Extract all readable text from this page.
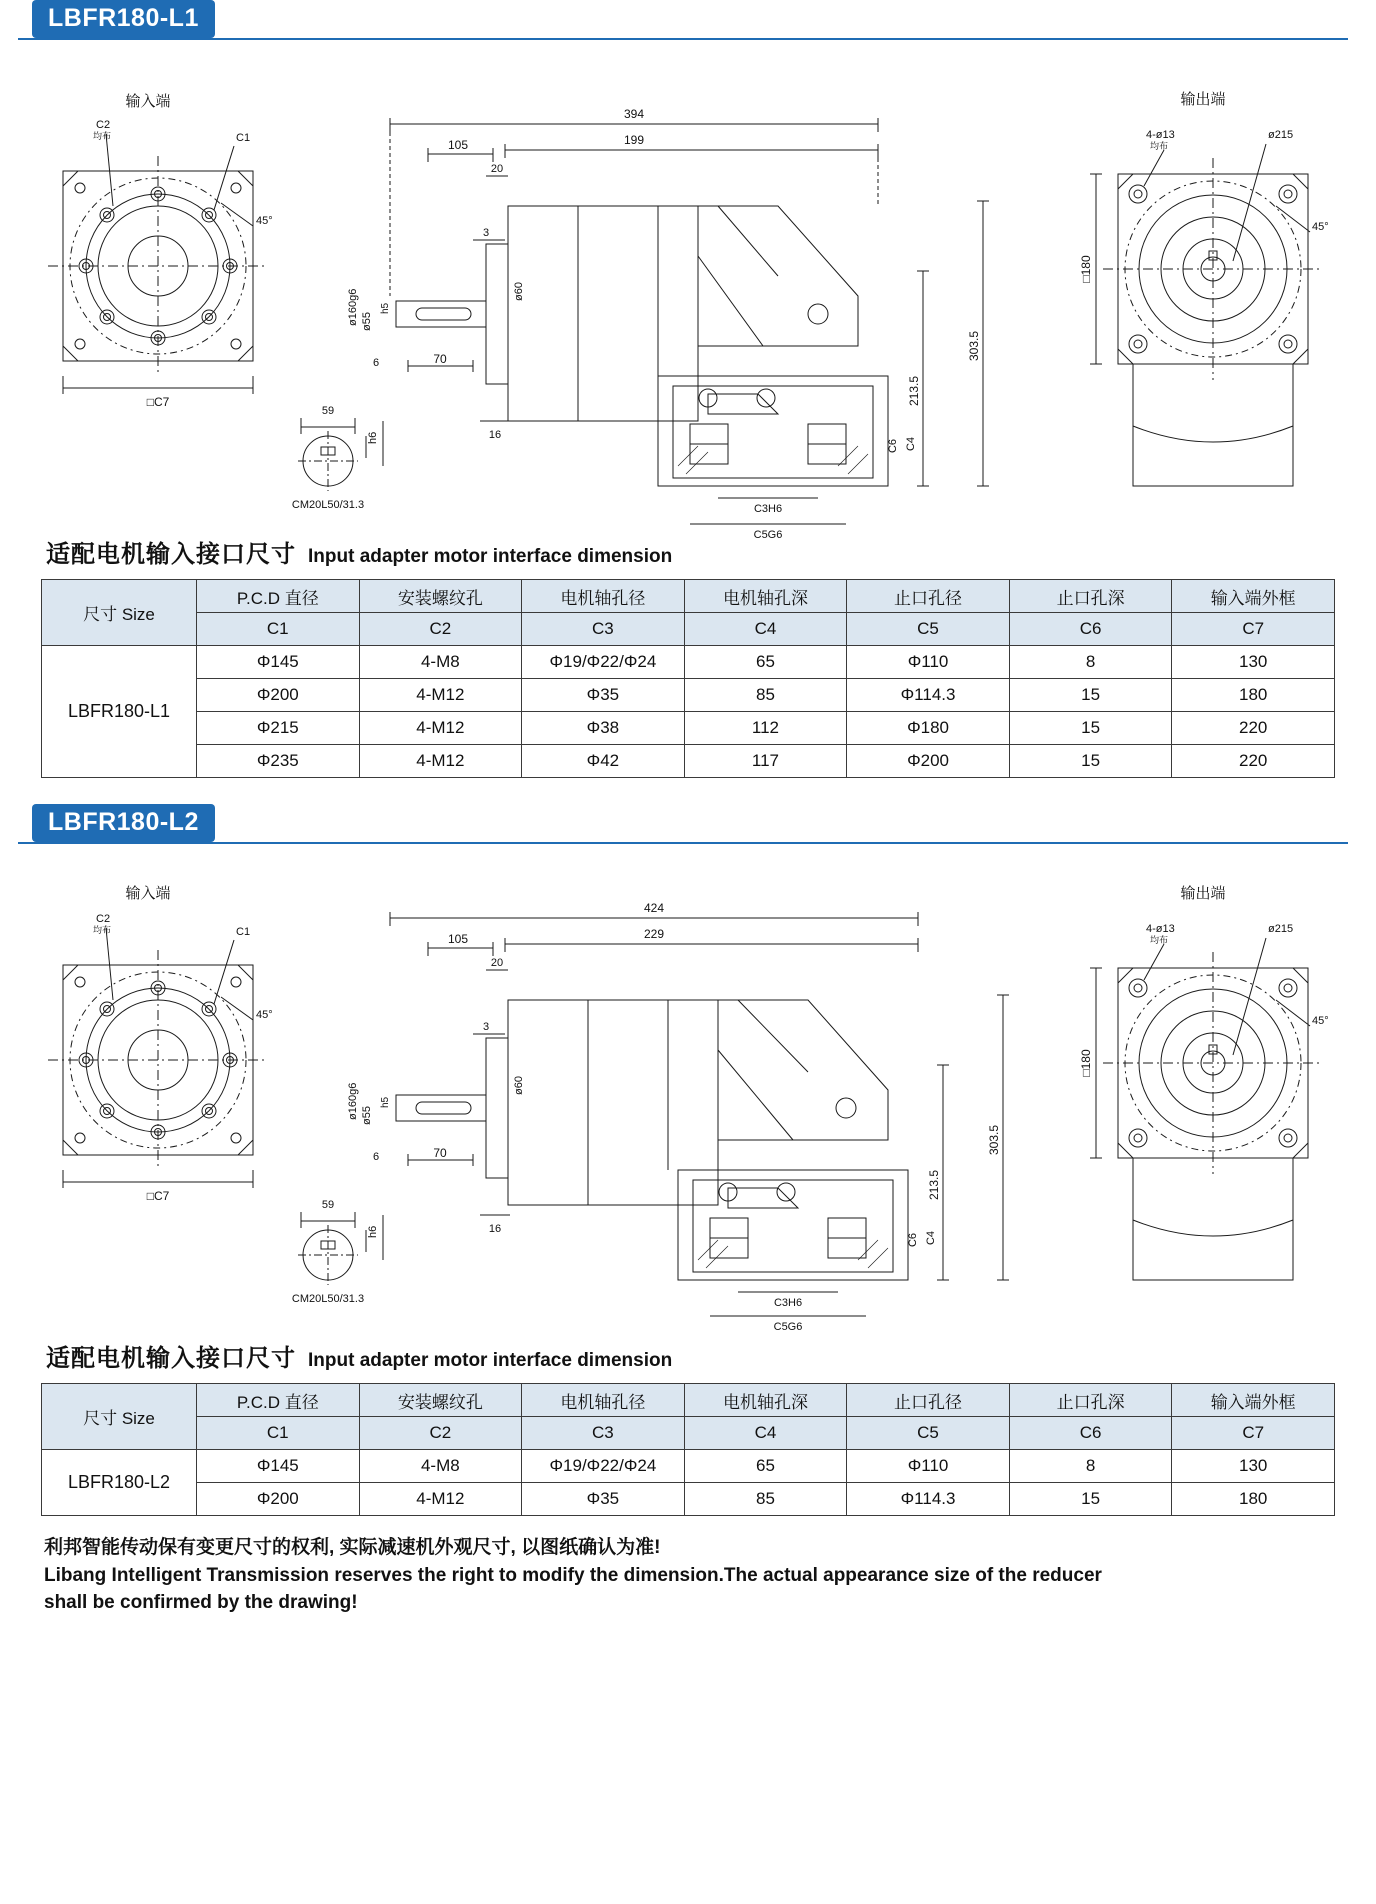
LBFR180-L1
输入端
C2
均布	C1
45°
□C7
59
h6
CM20L50/31.3
394
199
105
20
3
ø160g6 ø55
h5
ø60
70
6
16
303.5
213.5
C6 C4
C3H6
C5G6
输出端
4-ø13
均布
ø215
45°
□180
适配电机输入接口尺寸 Input adapter motor interface dimension
尺寸 Size	P.C.D 直径	安装螺纹孔	电机轴孔径	电机轴孔深	止口孔径	止口孔深	输入端外框
	C1	C2	C3	C4	C5	C6	C7
LBFR180-L1	Φ145	4-M8	Φ19/Φ22/Φ24	65	Φ110	8	130
	Φ200	4-M12	Φ35	85	Φ114.3	15	180
	Φ215	4-M12	Φ38	112	Φ180	15	220
	Φ235	4-M12	Φ42	117	Φ200	15	220
LBFR180-L2
输入端
C2
均布	C1
45°
□C7
59
h6
CM20L50/31.3
424
229
105
20
3
ø160g6 ø55
h5
ø60
70
6
16
303.5
213.5
C6 C4
C3H6
C5G6
输出端
4-ø13
均布
ø215
45°
□180
适配电机输入接口尺寸 Input adapter motor interface dimension
尺寸 Size	P.C.D 直径	安装螺纹孔	电机轴孔径	电机轴孔深	止口孔径	止口孔深	输入端外框
	C1	C2	C3	C4	C5	C6	C7
LBFR180-L2	Φ145	4-M8	Φ19/Φ22/Φ24	65	Φ110	8	130
	Φ200	4-M12	Φ35	85	Φ114.3	15	180
利邦智能传动保有变更尺寸的权利, 实际减速机外观尺寸, 以图纸确认为准!
Libang Intelligent Transmission reserves the right to modify the dimension.The actual appearance size of the reducer
shall be confirmed by the drawing!
